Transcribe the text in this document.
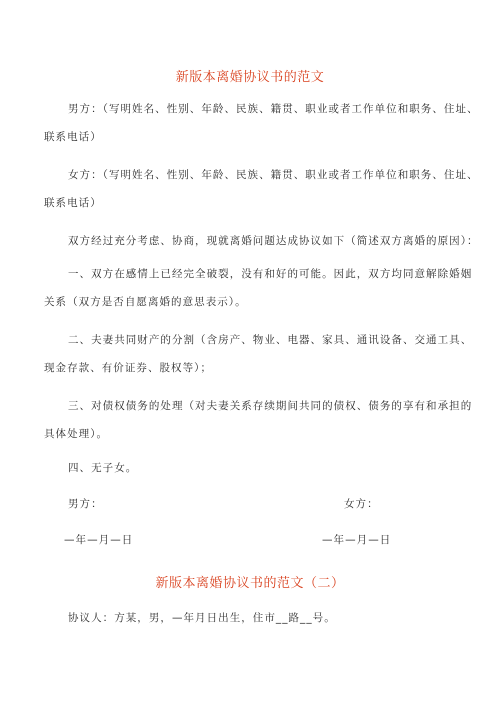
新版本离婚协议书的范文
男方：（写明姓名、性别、年龄、民族、籍贯、职业或者工作单位和职务、住址、
联系电话）
女方：（写明姓名、性别、年龄、民族、籍贯、职业或者工作单位和职务、住址、
联系电话）
双方经过充分考虑、协商，现就离婚问题达成协议如下（简述双方离婚的原因）：
一、双方在感情上已经完全破裂，没有和好的可能。因此，双方均同意解除婚姻
关系（双方是否自愿离婚的意思表示）。
二、夫妻共同财产的分割（含房产、物业、电器、家具、通讯设备、交通工具、
现金存款、有价证券、股权等）；
三、对债权债务的处理（对夫妻关系存续期间共同的债权、债务的享有和承担的
具体处理）。
四、无子女。
男方：	女方：
—年—月—日	—年—月—日
新版本离婚协议书的范文（二）
协议人：方某，男，—年月日出生，住市__路__号。
